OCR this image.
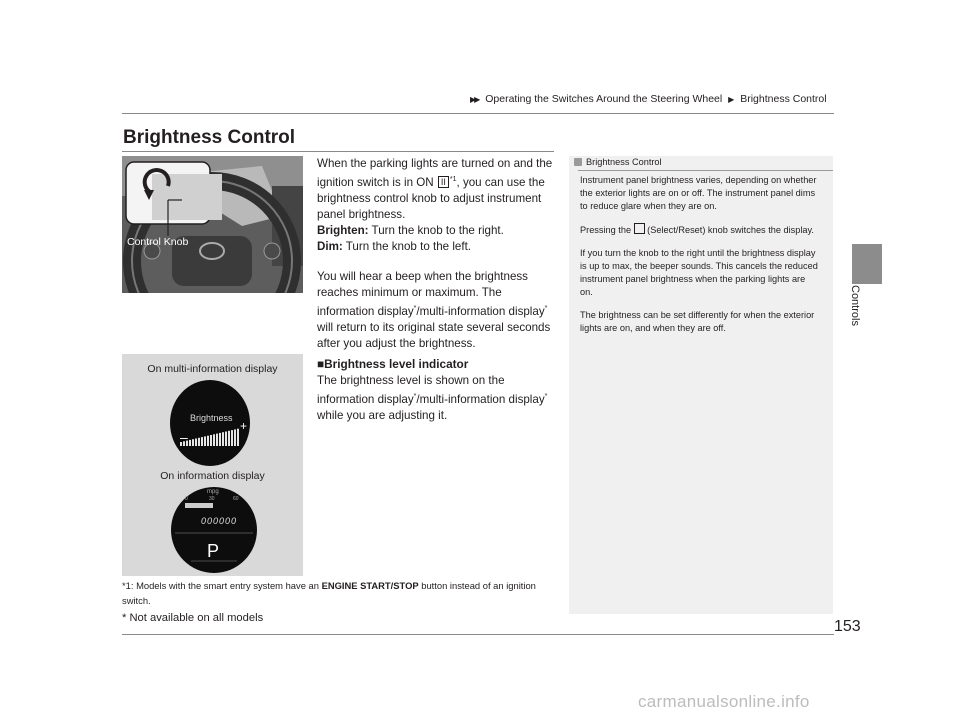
▶▶ Operating the Switches Around the Steering Wheel ▶ Brightness Control
Brightness Control
Controls
Control Knob

When the parking lights are turned on and the ignition switch is in ON II $^{*1}$, you can use the brightness control knob to adjust instrument panel brightness.

Brighten: Turn the knob to the right.

Dim: Turn the knob to the left.

You will hear a beep when the brightness reaches minimum or maximum. The information display*/multi-information display* will return to its original state several seconds after you adjust the brightness.

■Brightness level indicator
The brightness level is shown on the information display*/multi-information display* while you are adjusting it.
On multi-information display
–
+
Brightness
On information display
mpg
0	30	60
000000
P
*1: Models with the smart entry system have an ENGINE START/STOP button instead of an ignition switch.
Brightness Control

Instrument panel brightness varies, depending on whether the exterior lights are on or off. The instrument panel dims to reduce glare when they are on.

Pressing the  (Select/Reset) knob switches the display.

If you turn the knob to the right until the brightness display is up to max, the beeper sounds. This cancels the reduced instrument panel brightness when the parking lights are on.

The brightness can be set differently for when the exterior lights are on, and when they are off.

* Not available on all models	153
carmanualsonline.info
